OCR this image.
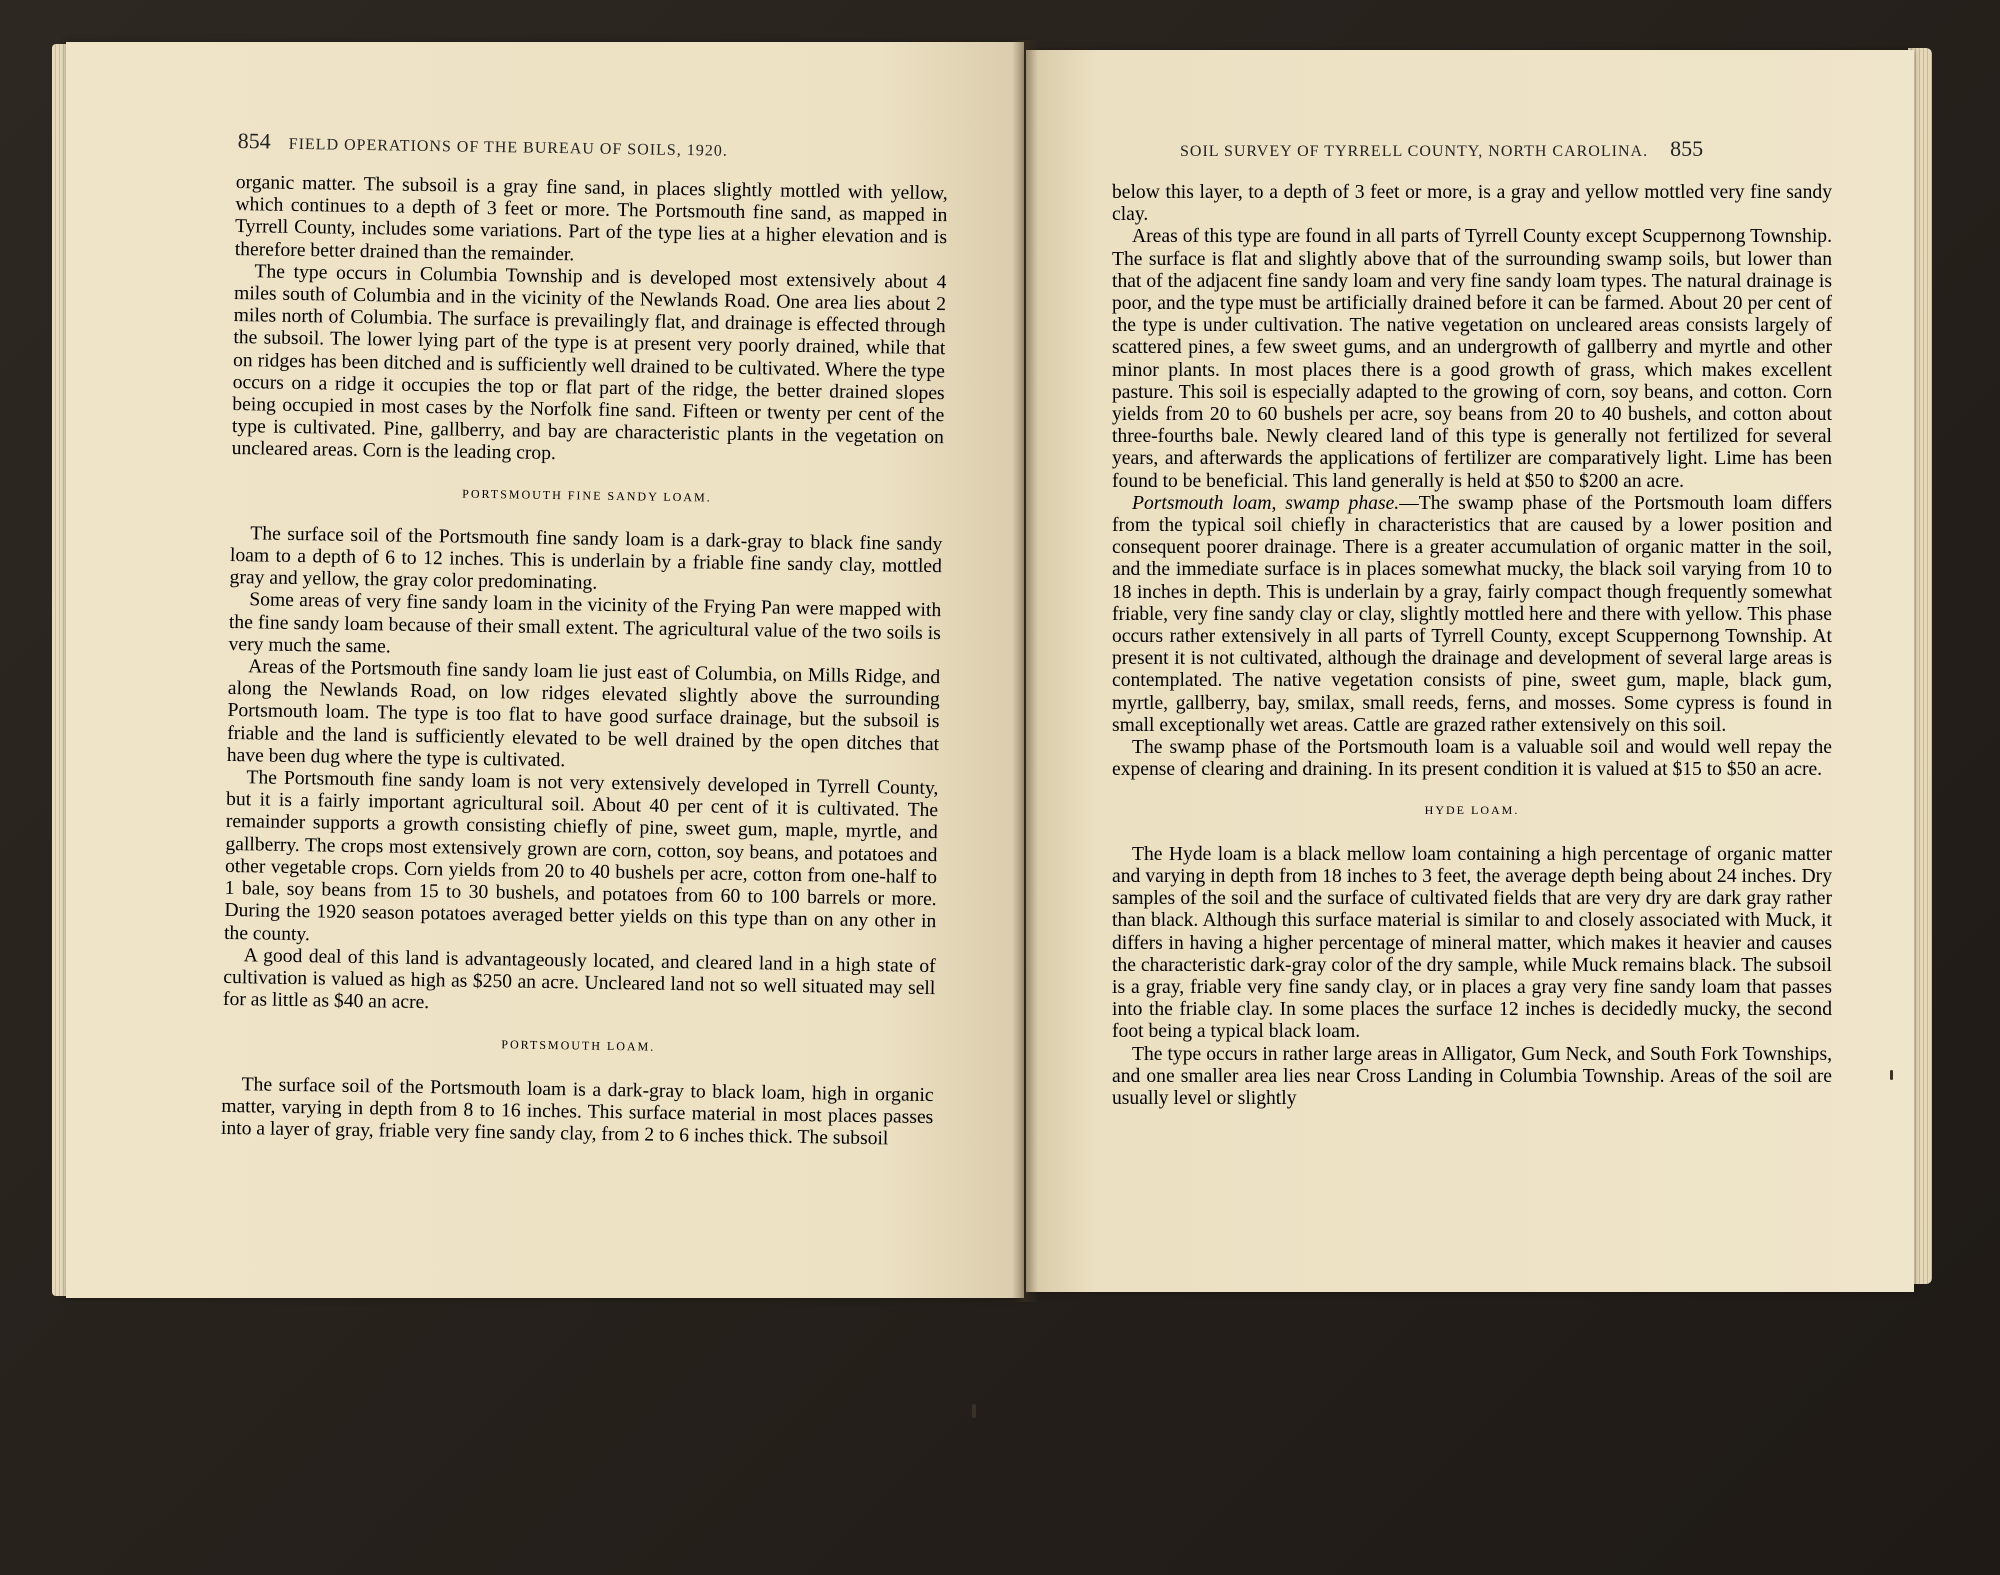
854 FIELD OPERATIONS OF THE BUREAU OF SOILS, 1920.	SOIL SURVEY OF TYRRELL COUNTY, NORTH CAROLINA. 855

organic matter. The subsoil is a gray fine sand, in places slightly mottled with yellow, which continues to a depth of 3 feet or more. The Portsmouth fine sand, as mapped in Tyrrell County, includes some variations. Part of the type lies at a higher elevation and is therefore better drained than the remainder.

The type occurs in Columbia Township and is developed most extensively about 4 miles south of Columbia and in the vicinity of the Newlands Road. One area lies about 2 miles north of Columbia. The surface is prevailingly flat, and drainage is effected through the subsoil. The lower lying part of the type is at present very poorly drained, while that on ridges has been ditched and is sufficiently well drained to be cultivated. Where the type occurs on a ridge it occupies the top or flat part of the ridge, the better drained slopes being occupied in most cases by the Norfolk fine sand. Fifteen or twenty per cent of the type is cultivated. Pine, gallberry, and bay are characteristic plants in the vegetation on uncleared areas. Corn is the leading crop.

PORTSMOUTH FINE SANDY LOAM.

The surface soil of the Portsmouth fine sandy loam is a dark-gray to black fine sandy loam to a depth of 6 to 12 inches. This is underlain by a friable fine sandy clay, mottled gray and yellow, the gray color predominating.

Some areas of very fine sandy loam in the vicinity of the Frying Pan were mapped with the fine sandy loam because of their small extent. The agricultural value of the two soils is very much the same.

Areas of the Portsmouth fine sandy loam lie just east of Columbia, on Mills Ridge, and along the Newlands Road, on low ridges elevated slightly above the surrounding Portsmouth loam. The type is too flat to have good surface drainage, but the subsoil is friable and the land is sufficiently elevated to be well drained by the open ditches that have been dug where the type is cultivated.

The Portsmouth fine sandy loam is not very extensively developed in Tyrrell County, but it is a fairly important agricultural soil. About 40 per cent of it is cultivated. The remainder supports a growth consisting chiefly of pine, sweet gum, maple, myrtle, and gallberry. The crops most extensively grown are corn, cotton, soy beans, and potatoes and other vegetable crops. Corn yields from 20 to 40 bushels per acre, cotton from one-half to 1 bale, soy beans from 15 to 30 bushels, and potatoes from 60 to 100 barrels or more. During the 1920 season potatoes averaged better yields on this type than on any other in the county.

A good deal of this land is advantageously located, and cleared land in a high state of cultivation is valued as high as $250 an acre. Uncleared land not so well situated may sell for as little as $40 an acre.

PORTSMOUTH LOAM.

The surface soil of the Portsmouth loam is a dark-gray to black loam, high in organic matter, varying in depth from 8 to 16 inches. This surface material in most places passes into a layer of gray, friable very fine sandy clay, from 2 to 6 inches thick. The subsoil

below this layer, to a depth of 3 feet or more, is a gray and yellow mottled very fine sandy clay.

Areas of this type are found in all parts of Tyrrell County except Scuppernong Township. The surface is flat and slightly above that of the surrounding swamp soils, but lower than that of the adjacent fine sandy loam and very fine sandy loam types. The natural drainage is poor, and the type must be artificially drained before it can be farmed. About 20 per cent of the type is under cultivation. The native vegetation on uncleared areas consists largely of scattered pines, a few sweet gums, and an undergrowth of gallberry and myrtle and other minor plants. In most places there is a good growth of grass, which makes excellent pasture. This soil is especially adapted to the growing of corn, soy beans, and cotton. Corn yields from 20 to 60 bushels per acre, soy beans from 20 to 40 bushels, and cotton about three-fourths bale. Newly cleared land of this type is generally not fertilized for several years, and afterwards the applications of fertilizer are comparatively light. Lime has been found to be beneficial. This land generally is held at $50 to $200 an acre.

Portsmouth loam, swamp phase.—The swamp phase of the Portsmouth loam differs from the typical soil chiefly in characteristics that are caused by a lower position and consequent poorer drainage. There is a greater accumulation of organic matter in the soil, and the immediate surface is in places somewhat mucky, the black soil varying from 10 to 18 inches in depth. This is underlain by a gray, fairly compact though frequently somewhat friable, very fine sandy clay or clay, slightly mottled here and there with yellow. This phase occurs rather extensively in all parts of Tyrrell County, except Scuppernong Township. At present it is not cultivated, although the drainage and development of several large areas is contemplated. The native vegetation consists of pine, sweet gum, maple, black gum, myrtle, gallberry, bay, smilax, small reeds, ferns, and mosses. Some cypress is found in small exceptionally wet areas. Cattle are grazed rather extensively on this soil.

The swamp phase of the Portsmouth loam is a valuable soil and would well repay the expense of clearing and draining. In its present condition it is valued at $15 to $50 an acre.

HYDE LOAM.

The Hyde loam is a black mellow loam containing a high percentage of organic matter and varying in depth from 18 inches to 3 feet, the average depth being about 24 inches. Dry samples of the soil and the surface of cultivated fields that are very dry are dark gray rather than black. Although this surface material is similar to and closely associated with Muck, it differs in having a higher percentage of mineral matter, which makes it heavier and causes the characteristic dark-gray color of the dry sample, while Muck remains black. The subsoil is a gray, friable very fine sandy clay, or in places a gray very fine sandy loam that passes into the friable clay. In some places the surface 12 inches is decidedly mucky, the second foot being a typical black loam.

The type occurs in rather large areas in Alligator, Gum Neck, and South Fork Townships, and one smaller area lies near Cross Landing in Columbia Township. Areas of the soil are usually level or slightly
